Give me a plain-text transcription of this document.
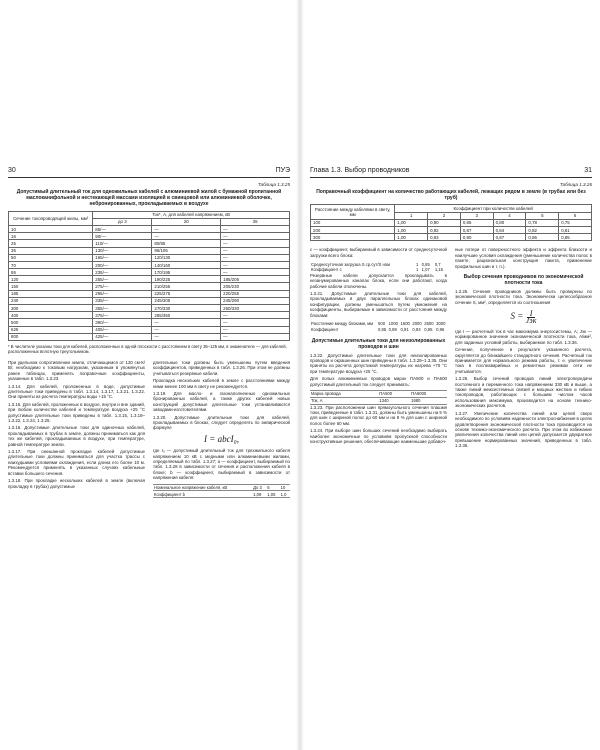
30	ПУЭ
Таблица 1.3.25
Допустимый длительный ток для одножильных кабелей с алюминиевой жилой с бумажной пропитанной маслоканифольной и нестекающей массами изоляцией в свинцовой или алюминиевой оболочке, небронированных, прокладываемых в воздухе
Сечение токопроводящей жилы, мм²	Ток*, А, для кабелей напряжением, кВ		
	до 3	20	35
10	85/—	—	—
16	90/—	—	—
25	110/—	80/85	—
35	130/—	95/105	—
50	165/—	120/130	—
70	200/—	140/160	—
95	235/—	170/195	—
120	255/—	190/225	185/205
150	275/—	210/255	205/230
185	295/—	225/275	220/255
240	335/—	245/305	245/290
300	355/—	270/330	260/330
400	375/—	285/350	—
500	390/—	—	—
625	405/—	—	—
800	425/—	—	—
* В числителе указаны токи для кабелей, расположенных в одной плоскости с расстоянием в свету 35–125 мм, в знаменателе — для кабелей, расположенных вплотную треугольником.

При удельном сопротивлении земли, отличающемся от 120 см·К/Вт, необходимо к токовым нагрузкам, указанным в упомянутых ранее таблицах, применять поправочные коэффициенты, указанные в табл. 1.3.23.

1.3.14. Для кабелей, проложенных в воде, допустимые длительные токи приведены в табл. 1.3.14, 1.3.17, 1.3.21, 1.3.22. Они приняты из расчета температуры воды +15 °С.

1.3.15. Для кабелей, проложенных в воздухе, внутри и вне зданий, при любом количестве кабелей и температуре воздуха +25 °С допустимые длительные токи приведены в табл. 1.3.15, 1.3.18–1.3.22, 1.3.24, 1.3.25.

1.3.16. Допустимые длительные токи для одиночных кабелей, прокладываемых в трубах в земле, должны приниматься как для тех же кабелей, прокладываемых в воздухе, при температуре, равной температуре земли.

1.3.17. При смешанной прокладке кабелей допустимые длительные токи должны приниматься для участка трассы с наихудшими условиями охлаждения, если длина его более 10 м. Рекомендуется применять в указанных случаях кабельные вставки большего сечения.

1.3.18. При прокладке нескольких кабелей в земле (включая прокладку в трубах) допустимые

длительные токи должны быть уменьшены путем введения коэффициентов, приведенных в табл. 1.3.26. При этом не должны учитываться резервные кабели.

Прокладка нескольких кабелей в земле с расстояниями между ними менее 100 мм в свету не рекомендуется.

1.3.19. Для масло- и газонаполненных одножильных бронированных кабелей, а также других кабелей новых конструкций допустимые длительные токи устанавливаются заводами-изготовителями.

1.3.20. Допустимые длительные токи для кабелей, прокладываемых в блоках, следует определять по эмпирической формуле

I = abcI₀,

где I₀ — допустимый длительный ток для трехжильного кабеля напряжением 10 кВ с медными или алюминиевыми жилами, определяемый по табл. 1.3.27; a — коэффициент, выбираемый по табл. 1.3.28 в зависимости от сечения и расположения кабеля в блоке; b — коэффициент, выбираемый в зависимости от напряжения кабеля:

Номинальное напряжение кабеля, кВ	До 3	6	10
Коэффициент b	1,09	1,05	1,0
Глава 1.3. Выбор проводников	31
Таблица 1.3.26
Поправочный коэффициент на количество работающих кабелей, лежащих рядом в земле (в трубах или без труб)
Расстояние между кабелями в свету, мм	Коэффициент при количестве кабелей					
	1	2	3	4	5	6
100	1,00	0,90	0,85	0,80	0,78	0,75
200	1,00	0,92	0,87	0,84	0,82	0,81
300	1,00	0,93	0,90	0,87	0,86	0,85

c — коэффициент, выбираемый в зависимости от среднесуточной загрузки всего блока:

Среднесуточная загрузка S ср.сут/S ном	1	0,85	0,7
Коэффициент c	1	1,07	1,16

Резервные кабели допускается прокладывать в незанумерованных каналах блока, если они работают, когда рабочие кабели отключены.

1.3.21. Допустимые длительные токи для кабелей, прокладываемых в двух параллельных блоках одинаковой конфигурации, должны уменьшаться путем умножения на коэффициенты, выбираемые в зависимости от расстояния между блоками:

Расстояние между блоками, мм	500	1000	1500	2000	2500	3000
Коэффициент	0,85	0,89	0,91	0,93	0,95	0,96
Допустимые длительные токи для неизолированных проводов и шин

1.3.22. Допустимые длительные токи для неизолированных проводов и окрашенных шин приведены в табл. 1.3.29–1.3.35. Они приняты из расчета допустимой температуры их нагрева +70 °С при температуре воздуха +25 °С.

Для полых алюминиевых проводов марок ПА500 и ПА600 допустимый длительный ток следует принимать:

Марка провода	ПА500	ПА6000
Ток, А	1340	1680

1.3.23. При расположении шин прямоугольного сечения плашмя токи, приведенные в табл. 1.3.31, должны быть уменьшены на 5 % для шин с шириной полос до 60 мм и на 8 % для шин с шириной полос более 60 мм.

1.3.24. При выборе шин больших сечений необходимо выбирать наиболее экономичные по условиям пропускной способности конструктивные решения, обеспечивающие наименьшие добавоч-

ные потери от поверхностного эффекта и эффекта близости и наилучшие условия охлаждения (уменьшение количества полос в пакете, рациональная конструкция пакета, применение профильных шин и т. п.).

Выбор сечения проводников по экономической плотности тока

1.3.25. Сечения проводников должны быть проверены по экономической плотности тока. Экономически целесообразное сечение S, мм², определяется из соотношения

$S = \frac{I}{\text{Jэк}}$

где I — расчетный ток в час максимума энергосистемы, А; Jэк — нормированное значение экономической плотности тока, А/мм², для заданных условий работы, выбираемое по табл. 1.3.36.

Сечение, полученное в результате указанного расчета, округляется до ближайшего стандартного сечения. Расчетный ток принимается для нормального режима работы, т. е. увеличение тока в послеаварийных и ремонтных режимах сети не учитывается.

1.3.26. Выбор сечений проводов линий электропередачи постоянного и переменного тока напряжением 330 кВ и выше, а также линий межсистемных связей и мощных жестких и гибких токопроводов, работающих с большим числом часов использования максимума, производится на основе технико-экономических расчетов.

1.3.27. Увеличение количества линий или цепей сверх необходимого по условиям надежности электроснабжения в целях удовлетворения экономической плотности тока производится на основе технико-экономического расчета. При этом во избежание увеличения количества линий или цепей допускается двукратное превышение нормированных значений, приведенных в табл. 1.3.36.
